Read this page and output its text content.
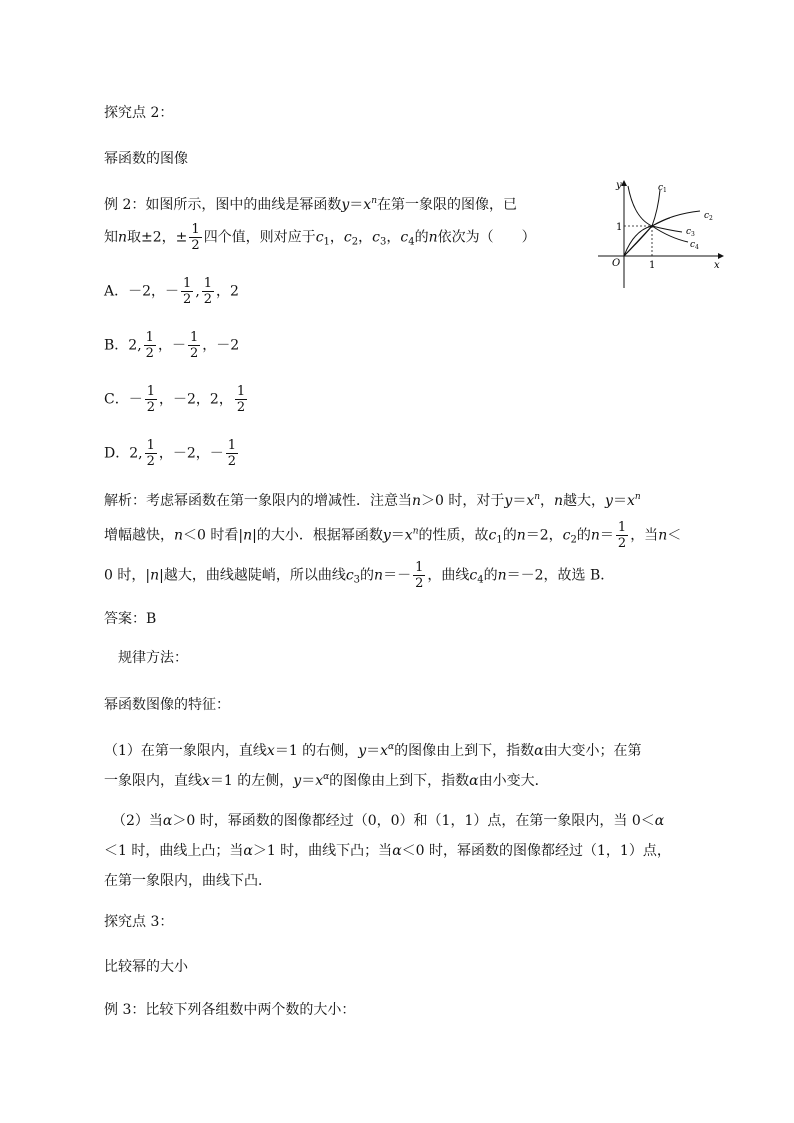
探究点 2：
幂函数的图像
例 2：如图所示，图中的曲线是幂函数$y=x^n$在第一象限的图像，已
知n取±2，± $\frac{1}{2}$ 四个值，则对应于$c_1$，$c_2$，$c_3$，$c_4$的n依次为（　　）
y
x
O	1
1
$c_1$
$c_2$
$c_3$
$c_4$
A．－2，－ $\frac{1}{2}$ , $\frac{1}{2}$ ，2
B．2, $\frac{1}{2}$ ，－ $\frac{1}{2}$ ，－2
C．－ $\frac{1}{2}$ ，－2，2， $\frac{1}{2}$
D．2, $\frac{1}{2}$ ，－2，－ $\frac{1}{2}$
解析：考虑幂函数在第一象限内的增减性．注意当n＞0 时，对于$y=x^n$，n越大，$y=x^n$
增幅越快，n＜0 时看|n|的大小．根据幂函数$y=x^n$的性质，故$c_1$的n＝2，$c_2$的$n= \frac{1}{2}$ ，当n＜
0 时，|n|越大，曲线越陡峭，所以曲线$c_3$的$n=- \frac{1}{2}$ ，曲线$c_4$的n＝－2，故选 B．
答案：B
规律方法：
幂函数图像的特征：
（1）在第一象限内，直线x＝1 的右侧，$y=x^\alpha$的图像由上到下，指数α由大变小；在第
一象限内，直线x＝1 的左侧，$y=x^\alpha$的图像由上到下，指数α由小变大．
（2）当α＞0 时，幂函数的图像都经过（0，0）和（1，1）点，在第一象限内，当 0＜α
＜1 时，曲线上凸；当α＞1 时，曲线下凸；当α＜0 时，幂函数的图像都经过（1，1）点，
在第一象限内，曲线下凸．
探究点 3：
比较幂的大小
例 3：比较下列各组数中两个数的大小：
